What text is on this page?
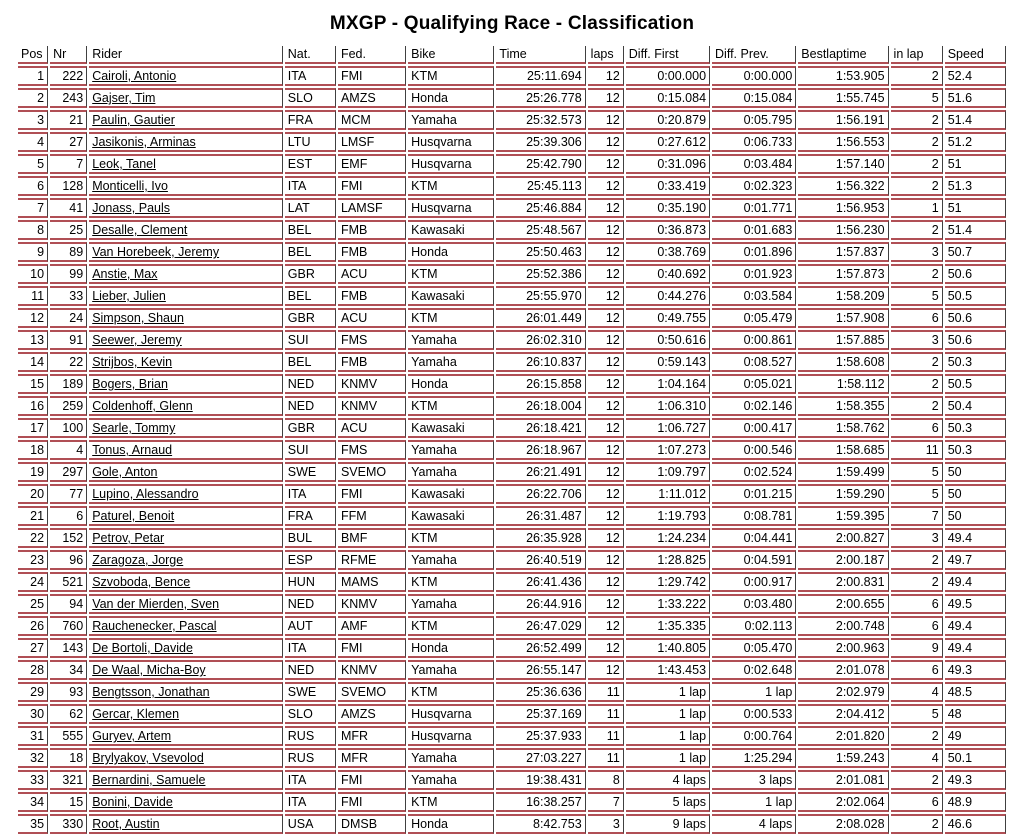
MXGP - Qualifying Race - Classification
Pos	Nr	Rider	Nat.	Fed.	Bike	Time	laps	Diff. First	Diff. Prev.	Bestlaptime	in lap	Speed
1	222	Cairoli, Antonio	ITA	FMI	KTM	25:11.694	12	0:00.000	0:00.000	1:53.905	2	52.4
2	243	Gajser, Tim	SLO	AMZS	Honda	25:26.778	12	0:15.084	0:15.084	1:55.745	5	51.6
3	21	Paulin, Gautier	FRA	MCM	Yamaha	25:32.573	12	0:20.879	0:05.795	1:56.191	2	51.4
4	27	Jasikonis, Arminas	LTU	LMSF	Husqvarna	25:39.306	12	0:27.612	0:06.733	1:56.553	2	51.2
5	7	Leok, Tanel	EST	EMF	Husqvarna	25:42.790	12	0:31.096	0:03.484	1:57.140	2	51
6	128	Monticelli, Ivo	ITA	FMI	KTM	25:45.113	12	0:33.419	0:02.323	1:56.322	2	51.3
7	41	Jonass, Pauls	LAT	LAMSF	Husqvarna	25:46.884	12	0:35.190	0:01.771	1:56.953	1	51
8	25	Desalle, Clement	BEL	FMB	Kawasaki	25:48.567	12	0:36.873	0:01.683	1:56.230	2	51.4
9	89	Van Horebeek, Jeremy	BEL	FMB	Honda	25:50.463	12	0:38.769	0:01.896	1:57.837	3	50.7
10	99	Anstie, Max	GBR	ACU	KTM	25:52.386	12	0:40.692	0:01.923	1:57.873	2	50.6
11	33	Lieber, Julien	BEL	FMB	Kawasaki	25:55.970	12	0:44.276	0:03.584	1:58.209	5	50.5
12	24	Simpson, Shaun	GBR	ACU	KTM	26:01.449	12	0:49.755	0:05.479	1:57.908	6	50.6
13	91	Seewer, Jeremy	SUI	FMS	Yamaha	26:02.310	12	0:50.616	0:00.861	1:57.885	3	50.6
14	22	Strijbos, Kevin	BEL	FMB	Yamaha	26:10.837	12	0:59.143	0:08.527	1:58.608	2	50.3
15	189	Bogers, Brian	NED	KNMV	Honda	26:15.858	12	1:04.164	0:05.021	1:58.112	2	50.5
16	259	Coldenhoff, Glenn	NED	KNMV	KTM	26:18.004	12	1:06.310	0:02.146	1:58.355	2	50.4
17	100	Searle, Tommy	GBR	ACU	Kawasaki	26:18.421	12	1:06.727	0:00.417	1:58.762	6	50.3
18	4	Tonus, Arnaud	SUI	FMS	Yamaha	26:18.967	12	1:07.273	0:00.546	1:58.685	11	50.3
19	297	Gole, Anton	SWE	SVEMO	Yamaha	26:21.491	12	1:09.797	0:02.524	1:59.499	5	50
20	77	Lupino, Alessandro	ITA	FMI	Kawasaki	26:22.706	12	1:11.012	0:01.215	1:59.290	5	50
21	6	Paturel, Benoit	FRA	FFM	Kawasaki	26:31.487	12	1:19.793	0:08.781	1:59.395	7	50
22	152	Petrov, Petar	BUL	BMF	KTM	26:35.928	12	1:24.234	0:04.441	2:00.827	3	49.4
23	96	Zaragoza, Jorge	ESP	RFME	Yamaha	26:40.519	12	1:28.825	0:04.591	2:00.187	2	49.7
24	521	Szvoboda, Bence	HUN	MAMS	KTM	26:41.436	12	1:29.742	0:00.917	2:00.831	2	49.4
25	94	Van der Mierden, Sven	NED	KNMV	Yamaha	26:44.916	12	1:33.222	0:03.480	2:00.655	6	49.5
26	760	Rauchenecker, Pascal	AUT	AMF	KTM	26:47.029	12	1:35.335	0:02.113	2:00.748	6	49.4
27	143	De Bortoli, Davide	ITA	FMI	Honda	26:52.499	12	1:40.805	0:05.470	2:00.963	9	49.4
28	34	De Waal, Micha-Boy	NED	KNMV	Yamaha	26:55.147	12	1:43.453	0:02.648	2:01.078	6	49.3
29	93	Bengtsson, Jonathan	SWE	SVEMO	KTM	25:36.636	11	1 lap	1 lap	2:02.979	4	48.5
30	62	Gercar, Klemen	SLO	AMZS	Husqvarna	25:37.169	11	1 lap	0:00.533	2:04.412	5	48
31	555	Guryev, Artem	RUS	MFR	Husqvarna	25:37.933	11	1 lap	0:00.764	2:01.820	2	49
32	18	Brylyakov, Vsevolod	RUS	MFR	Yamaha	27:03.227	11	1 lap	1:25.294	1:59.243	4	50.1
33	321	Bernardini, Samuele	ITA	FMI	Yamaha	19:38.431	8	4 laps	3 laps	2:01.081	2	49.3
34	15	Bonini, Davide	ITA	FMI	KTM	16:38.257	7	5 laps	1 lap	2:02.064	6	48.9
35	330	Root, Austin	USA	DMSB	Honda	8:42.753	3	9 laps	4 laps	2:08.028	2	46.6
